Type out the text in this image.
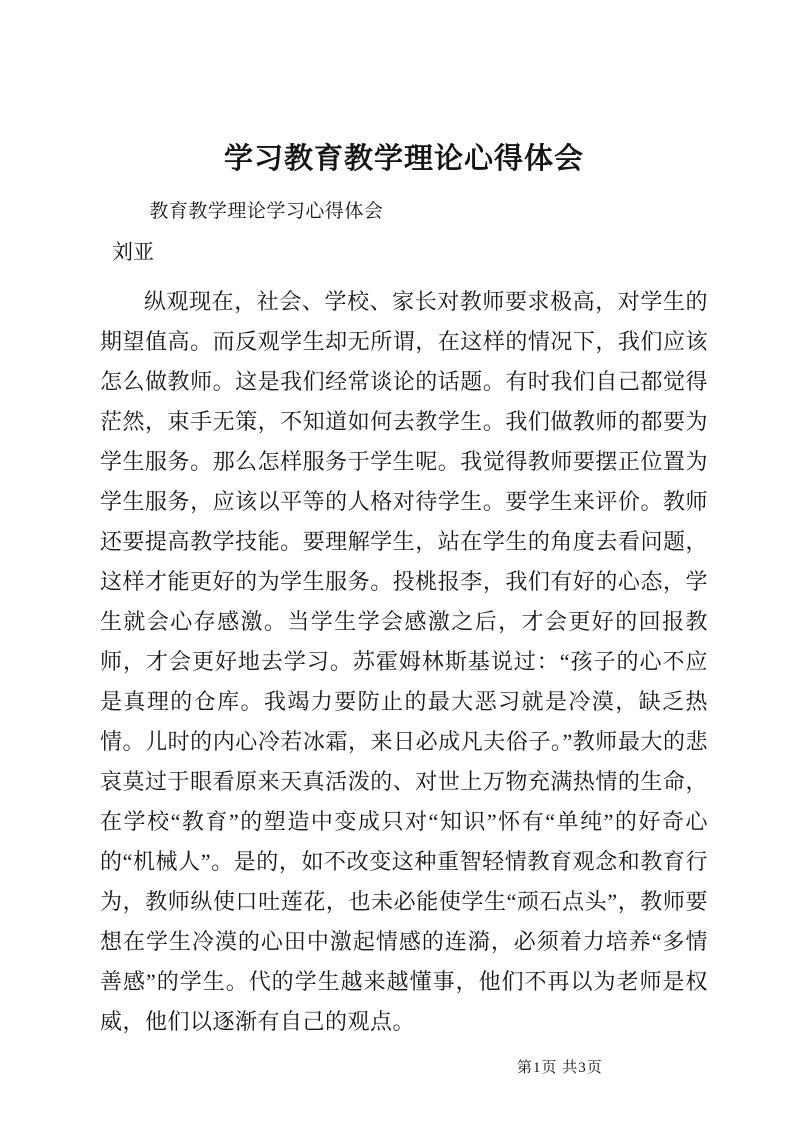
学习教育教学理论心得体会

教育教学理论学习心得体会

刘亚

纵观现在，社会、学校、家长对教师要求极高，对学生的期望值高。而反观学生却无所谓，在这样的情况下，我们应该怎么做教师。这是我们经常谈论的话题。有时我们自己都觉得茫然，束手无策，不知道如何去教学生。我们做教师的都要为学生服务。那么怎样服务于学生呢。我觉得教师要摆正位置为学生服务，应该以平等的人格对待学生。要学生来评价。教师还要提高教学技能。要理解学生，站在学生的角度去看问题，这样才能更好的为学生服务。投桃报李，我们有好的心态，学生就会心存感激。当学生学会感激之后，才会更好的回报教师，才会更好地去学习。苏霍姆林斯基说过：“孩子的心不应是真理的仓库。我竭力要防止的最大恶习就是冷漠，缺乏热情。儿时的内心冷若冰霜，来日必成凡夫俗子。”教师最大的悲哀莫过于眼看原来天真活泼的、对世上万物充满热情的生命，在学校“教育”的塑造中变成只对“知识”怀有“单纯”的好奇心的“机械人”。是的，如不改变这种重智轻情教育观念和教育行为，教师纵使口吐莲花，也未必能使学生“顽石点头”，教师要想在学生冷漠的心田中激起情感的连漪，必须着力培养“多情善感”的学生。代的学生越来越懂事，他们不再以为老师是权威，他们以逐渐有自己的观点。

第1页 共3页
